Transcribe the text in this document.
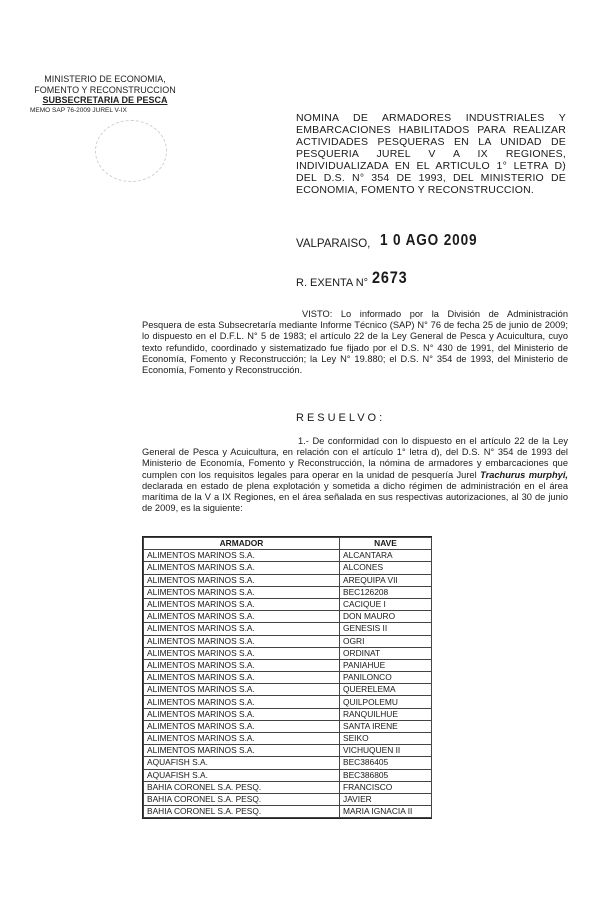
MINISTERIO DE ECONOMIA,
FOMENTO Y RECONSTRUCCION
SUBSECRETARIA DE PESCA
MEMO SAP 76-2009 JUREL V-IX
NOMINA DE ARMADORES INDUSTRIALES Y EMBARCACIONES HABILITADOS PARA REALIZAR ACTIVIDADES PESQUERAS EN LA UNIDAD DE PESQUERIA JUREL V A IX REGIONES, INDIVIDUALIZADA EN EL ARTICULO 1° LETRA D) DEL D.S. N° 354 DE 1993, DEL MINISTERIO DE ECONOMIA, FOMENTO Y RECONSTRUCCION.
VALPARAISO, 1 0 AGO 2009
R. EXENTA N° 2673
VISTO: Lo informado por la División de Administración Pesquera de esta Subsecretaría mediante Informe Técnico (SAP) N° 76 de fecha 25 de junio de 2009; lo dispuesto en el D.F.L. N° 5 de 1983; el artículo 22 de la Ley General de Pesca y Acuicultura, cuyo texto refundido, coordinado y sistematizado fue fijado por el D.S. N° 430 de 1991, del Ministerio de Economía, Fomento y Reconstrucción; la Ley N° 19.880; el D.S. N° 354 de 1993, del Ministerio de Economía, Fomento y Reconstrucción.
RESUELVO:
1.- De conformidad con lo dispuesto en el artículo 22 de la Ley General de Pesca y Acuicultura, en relación con el artículo 1° letra d), del D.S. N° 354 de 1993 del Ministerio de Economía, Fomento y Reconstrucción, la nómina de armadores y embarcaciones que cumplen con los requisitos legales para operar en la unidad de pesquería Jurel Trachurus murphyi, declarada en estado de plena explotación y sometida a dicho régimen de administración en el área marítima de la V a IX Regiones, en el área señalada en sus respectivas autorizaciones, al 30 de junio de 2009, es la siguiente:
ARMADOR	NAVE
ALIMENTOS MARINOS S.A.	ALCANTARA
ALIMENTOS MARINOS S.A.	ALCONES
ALIMENTOS MARINOS S.A.	AREQUIPA VII
ALIMENTOS MARINOS S.A.	BEC126208
ALIMENTOS MARINOS S.A.	CACIQUE I
ALIMENTOS MARINOS S.A.	DON MAURO
ALIMENTOS MARINOS S.A.	GENESIS II
ALIMENTOS MARINOS S.A.	OGRI
ALIMENTOS MARINOS S.A.	ORDINAT
ALIMENTOS MARINOS S.A.	PANIAHUE
ALIMENTOS MARINOS S.A.	PANILONCO
ALIMENTOS MARINOS S.A.	QUERELEMA
ALIMENTOS MARINOS S.A.	QUILPOLEMU
ALIMENTOS MARINOS S.A.	RANQUILHUE
ALIMENTOS MARINOS S.A.	SANTA IRENE
ALIMENTOS MARINOS S.A.	SEIKO
ALIMENTOS MARINOS S.A.	VICHUQUEN II
AQUAFISH S.A.	BEC386405
AQUAFISH S.A.	BEC386805
BAHIA CORONEL S.A. PESQ.	FRANCISCO
BAHIA CORONEL S.A. PESQ.	JAVIER
BAHIA CORONEL S.A. PESQ.	MARIA IGNACIA II
